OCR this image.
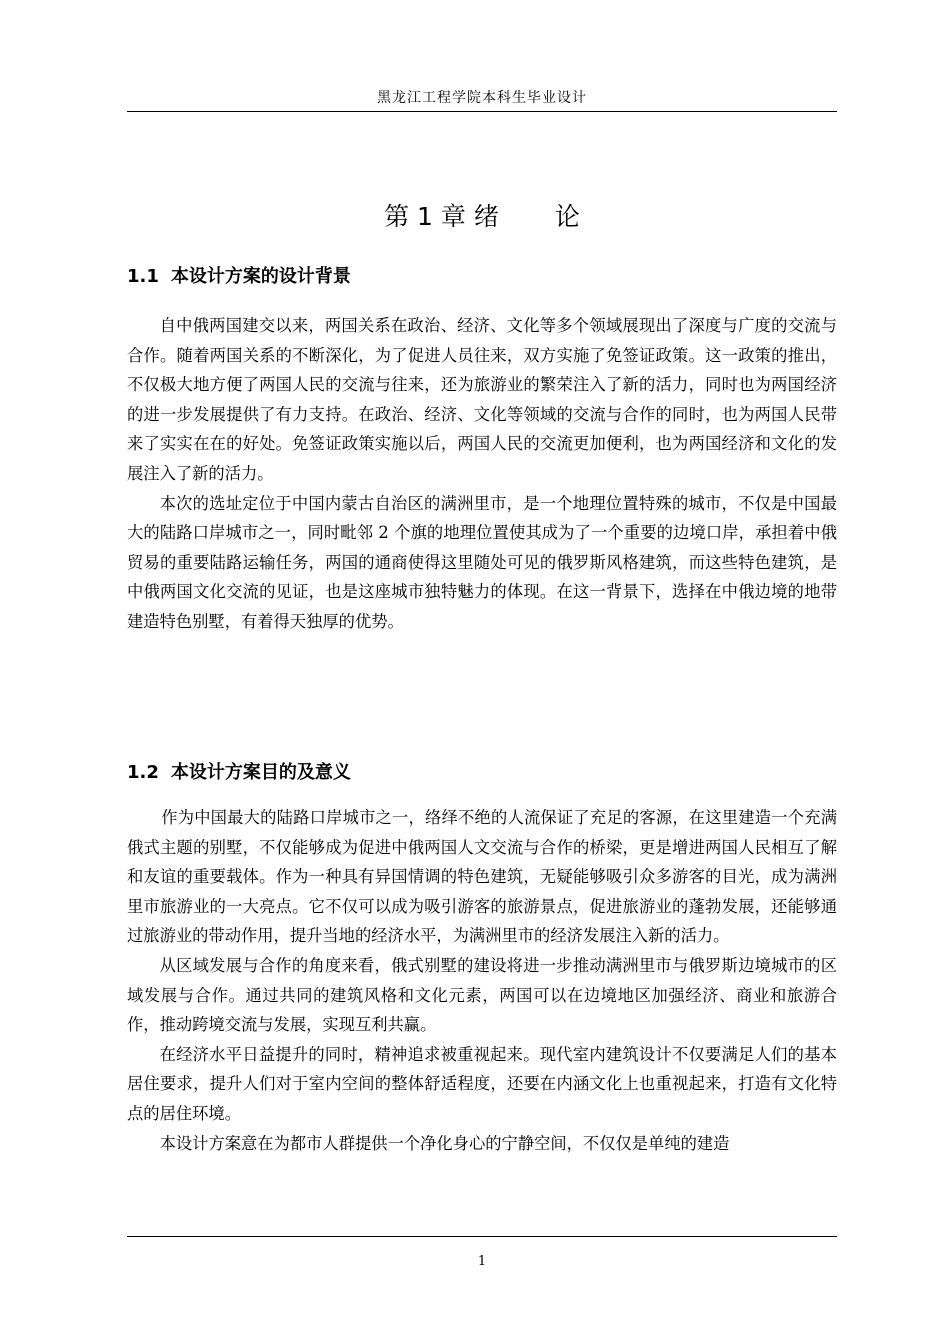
黑龙江工程学院本科生毕业设计
第 1 章 绪 论
1.1 本设计方案的设计背景

自中俄两国建交以来，两国关系在政治、经济、文化等多个领域展现出了深度与广度的交流与合作。随着两国关系的不断深化，为了促进人员往来，双方实施了免签证政策。这一政策的推出，不仅极大地方便了两国人民的交流与往来，还为旅游业的繁荣注入了新的活力，同时也为两国经济的进一步发展提供了有力支持。在政治、经济、文化等领域的交流与合作的同时，也为两国人民带来了实实在在的好处。免签证政策实施以后，两国人民的交流更加便利，也为两国经济和文化的发展注入了新的活力。

本次的选址定位于中国内蒙古自治区的满洲里市，是一个地理位置特殊的城市，不仅是中国最大的陆路口岸城市之一，同时毗邻 2 个旗的地理位置使其成为了一个重要的边境口岸，承担着中俄贸易的重要陆路运输任务，两国的通商使得这里随处可见的俄罗斯风格建筑，而这些特色建筑，是中俄两国文化交流的见证，也是这座城市独特魅力的体现。在这一背景下，选择在中俄边境的地带建造特色别墅，有着得天独厚的优势。

1.2 本设计方案目的及意义

作为中国最大的陆路口岸城市之一，络绎不绝的人流保证了充足的客源，在这里建造一个充满俄式主题的别墅，不仅能够成为促进中俄两国人文交流与合作的桥梁，更是增进两国人民相互了解和友谊的重要载体。作为一种具有异国情调的特色建筑，无疑能够吸引众多游客的目光，成为满洲里市旅游业的一大亮点。它不仅可以成为吸引游客的旅游景点，促进旅游业的蓬勃发展，还能够通过旅游业的带动作用，提升当地的经济水平，为满洲里市的经济发展注入新的活力。

从区域发展与合作的角度来看，俄式别墅的建设将进一步推动满洲里市与俄罗斯边境城市的区域发展与合作。通过共同的建筑风格和文化元素，两国可以在边境地区加强经济、商业和旅游合作，推动跨境交流与发展，实现互利共赢。

在经济水平日益提升的同时，精神追求被重视起来。现代室内建筑设计不仅要满足人们的基本居住要求，提升人们对于室内空间的整体舒适程度，还要在内涵文化上也重视起来，打造有文化特点的居住环境。

本设计方案意在为都市人群提供一个净化身心的宁静空间，不仅仅是单纯的建造

1
